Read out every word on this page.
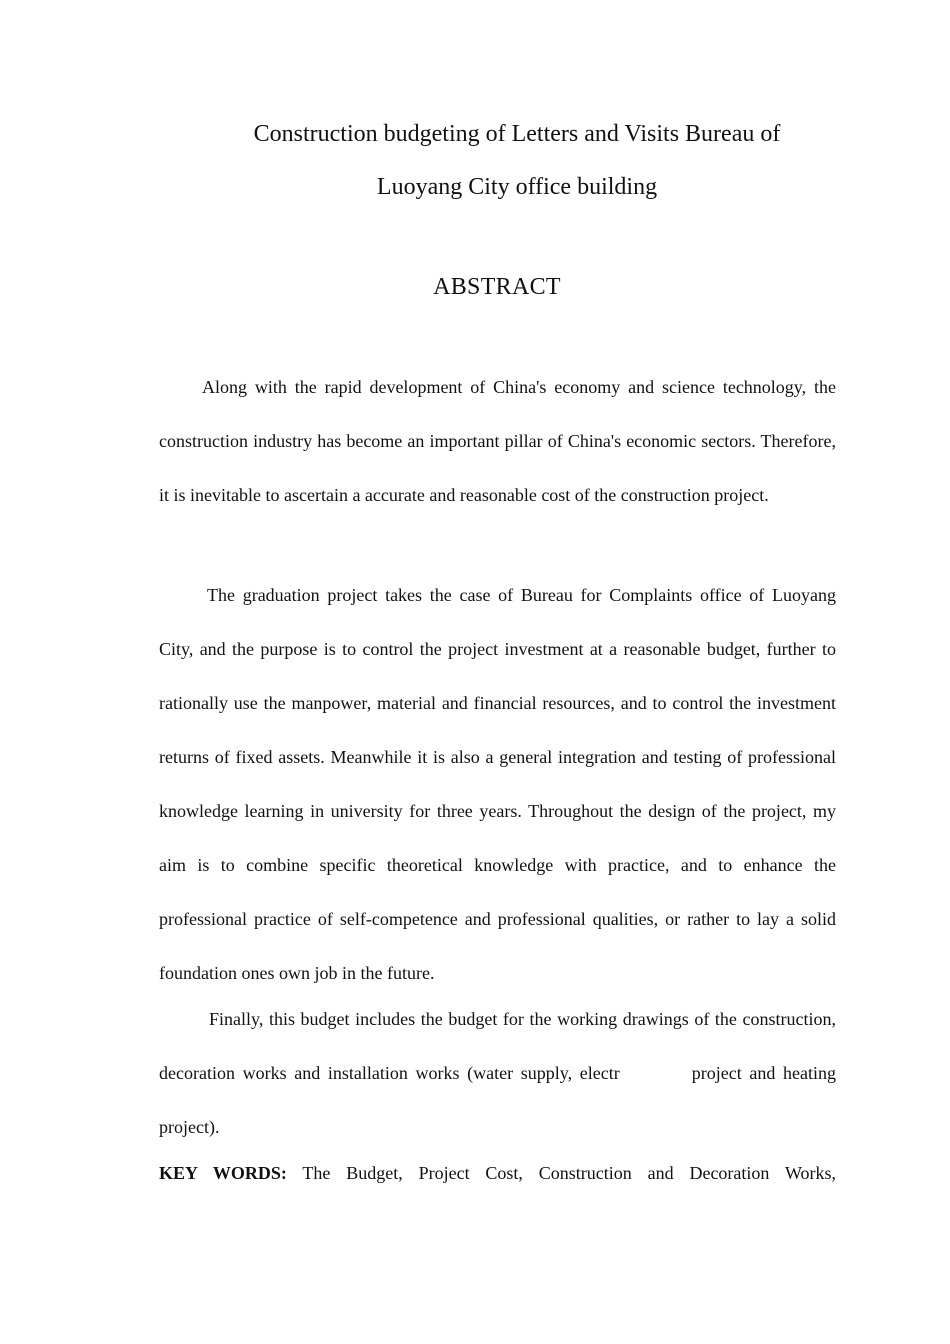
Construction budgeting of Letters and Visits Bureau of
Luoyang City office building
ABSTRACT

Along with the rapid development of China's economy and science technology, the construction industry has become an important pillar of China's economic sectors. Therefore, it is inevitable to ascertain a accurate and reasonable cost of the construction project.

The graduation project takes the case of Bureau for Complaints office of Luoyang City, and the purpose is to control the project investment at a reasonable budget, further to rationally use the manpower, material and financial resources, and to control the investment returns of fixed assets. Meanwhile it is also a general integration and testing of professional knowledge learning in university for three years. Throughout the design of the project, my aim is to combine specific theoretical knowledge with practice, and to enhance the professional practice of self-competence and professional qualities, or rather to lay a solid foundation ones own job in the future.

Finally, this budget includes the budget for the working drawings of the construction, decoration works and installation works (water supply, electr                    project and heating project).

KEY WORDS: The Budget, Project Cost, Construction and Decoration Works,
